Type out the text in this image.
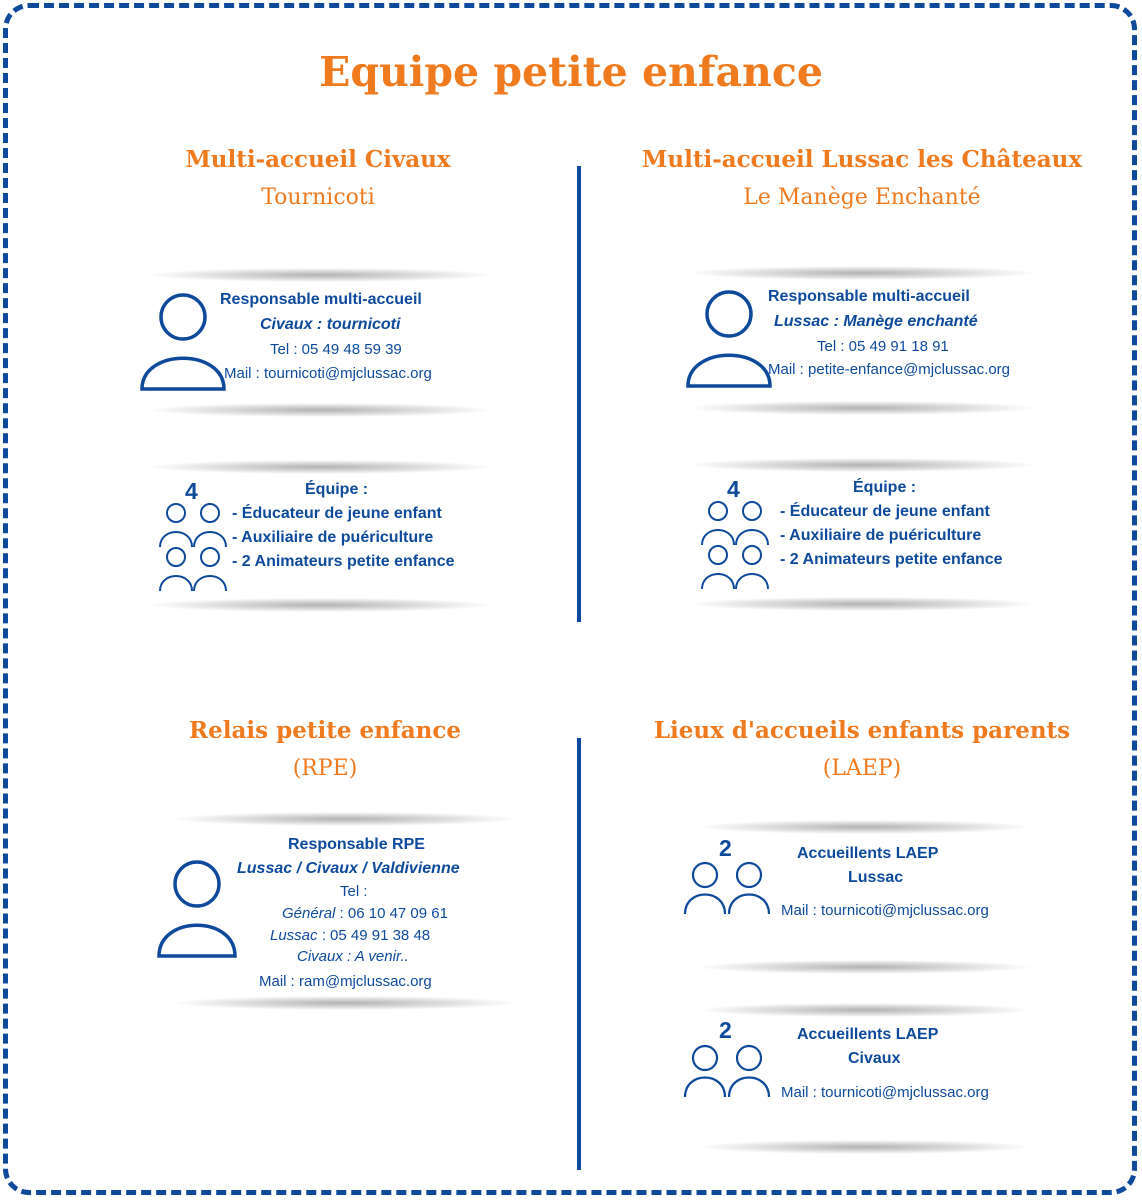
Equipe petite enfance
Multi-accueil Civaux
Tournicoti
Responsable multi-accueil
Civaux : tournicoti
Tel : 05 49 48 59 39
Mail : tournicoti@mjclussac.org
4	Équipe :
- Éducateur de jeune enfant
- Auxiliaire de puériculture
- 2 Animateurs petite enfance
Multi-accueil Lussac les Châteaux
Le Manège Enchanté
Responsable multi-accueil
Lussac : Manège enchanté
Tel : 05 49 91 18 91
Mail : petite-enfance@mjclussac.org
4	Équipe :
- Éducateur de jeune enfant
- Auxiliaire de puériculture
- 2 Animateurs petite enfance
Relais petite enfance
(RPE)
Responsable RPE
Lussac / Civaux / Valdivienne
Tel :
Général : 06 10 47 09 61
Lussac : 05 49 91 38 48
Civaux : A venir..
Mail : ram@mjclussac.org
Lieux d'accueils enfants parents
(LAEP)
2	Accueillents LAEP
Lussac
Mail : tournicoti@mjclussac.org
2	Accueillents LAEP
Civaux
Mail : tournicoti@mjclussac.org
